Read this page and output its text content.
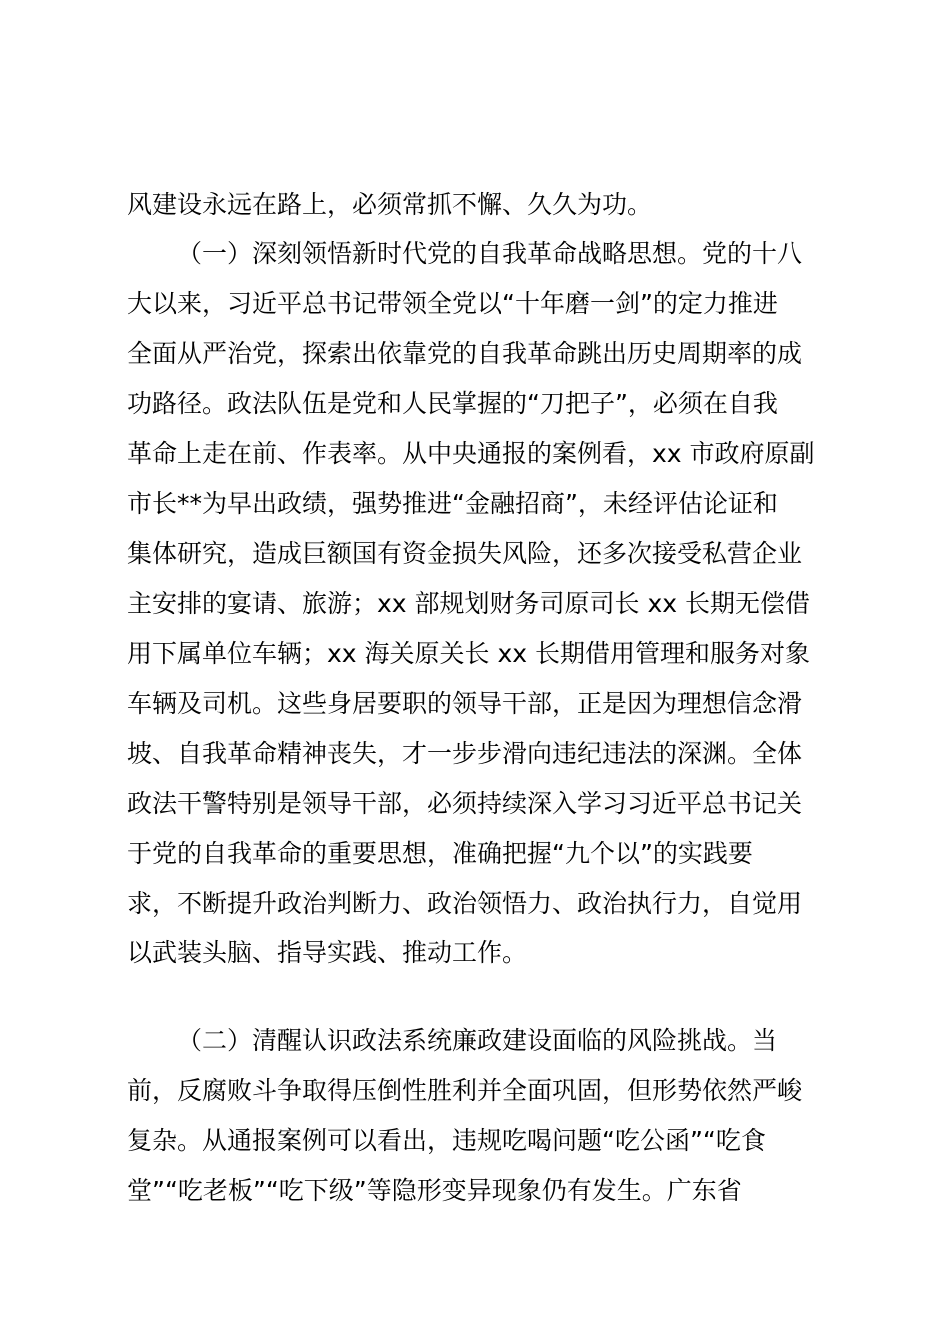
风建设永远在路上，必须常抓不懈、久久为功。
（一）深刻领悟新时代党的自我革命战略思想。党的十八
大以来，习近平总书记带领全党以“十年磨一剑”的定力推进
全面从严治党，探索出依靠党的自我革命跳出历史周期率的成
功路径。政法队伍是党和人民掌握的“刀把子”，必须在自我
革命上走在前、作表率。从中央通报的案例看，xx 市政府原副
市长**为早出政绩，强势推进“金融招商”，未经评估论证和
集体研究，造成巨额国有资金损失风险，还多次接受私营企业
主安排的宴请、旅游；xx 部规划财务司原司长 xx 长期无偿借
用下属单位车辆；xx 海关原关长 xx 长期借用管理和服务对象
车辆及司机。这些身居要职的领导干部，正是因为理想信念滑
坡、自我革命精神丧失，才一步步滑向违纪违法的深渊。全体
政法干警特别是领导干部，必须持续深入学习习近平总书记关
于党的自我革命的重要思想，准确把握“九个以”的实践要
求，不断提升政治判断力、政治领悟力、政治执行力，自觉用
以武装头脑、指导实践、推动工作。
（二）清醒认识政法系统廉政建设面临的风险挑战。当
前，反腐败斗争取得压倒性胜利并全面巩固，但形势依然严峻
复杂。从通报案例可以看出，违规吃喝问题“吃公函”“吃食
堂”“吃老板”“吃下级”等隐形变异现象仍有发生。广东省
